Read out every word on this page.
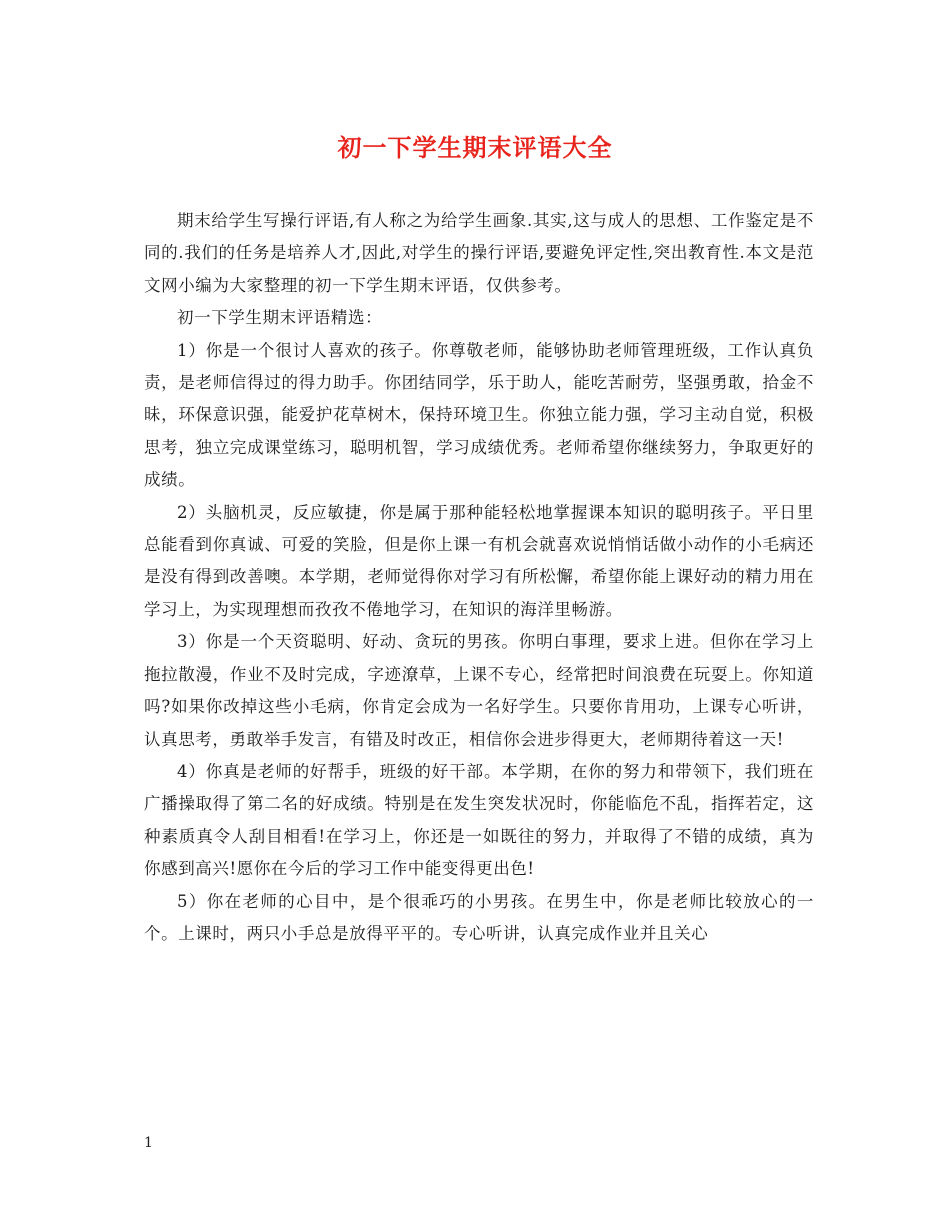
初一下学生期末评语大全

期末给学生写操行评语,有人称之为给学生画象.其实,这与成人的思想、工作鉴定是不同的.我们的任务是培养人才,因此,对学生的操行评语,要避免评定性,突出教育性.本文是范文网小编为大家整理的初一下学生期末评语，仅供参考。

初一下学生期末评语精选：

1）你是一个很讨人喜欢的孩子。你尊敬老师，能够协助老师管理班级，工作认真负责，是老师信得过的得力助手。你团结同学，乐于助人，能吃苦耐劳，坚强勇敢，拾金不昧，环保意识强，能爱护花草树木，保持环境卫生。你独立能力强，学习主动自觉，积极思考，独立完成课堂练习，聪明机智，学习成绩优秀。老师希望你继续努力，争取更好的成绩。

2）头脑机灵，反应敏捷，你是属于那种能轻松地掌握课本知识的聪明孩子。平日里总能看到你真诚、可爱的笑脸，但是你上课一有机会就喜欢说悄悄话做小动作的小毛病还是没有得到改善噢。本学期，老师觉得你对学习有所松懈，希望你能上课好动的精力用在学习上，为实现理想而孜孜不倦地学习，在知识的海洋里畅游。

3）你是一个天资聪明、好动、贪玩的男孩。你明白事理，要求上进。但你在学习上拖拉散漫，作业不及时完成，字迹潦草，上课不专心，经常把时间浪费在玩耍上。你知道吗?如果你改掉这些小毛病，你肯定会成为一名好学生。只要你肯用功，上课专心听讲，认真思考，勇敢举手发言，有错及时改正，相信你会进步得更大，老师期待着这一天!

4）你真是老师的好帮手，班级的好干部。本学期，在你的努力和带领下，我们班在广播操取得了第二名的好成绩。特别是在发生突发状况时，你能临危不乱，指挥若定，这种素质真令人刮目相看!在学习上，你还是一如既往的努力，并取得了不错的成绩，真为你感到高兴!愿你在今后的学习工作中能变得更出色!

5）你在老师的心目中，是个很乖巧的小男孩。在男生中，你是老师比较放心的一个。上课时，两只小手总是放得平平的。专心听讲，认真完成作业并且关心

1
